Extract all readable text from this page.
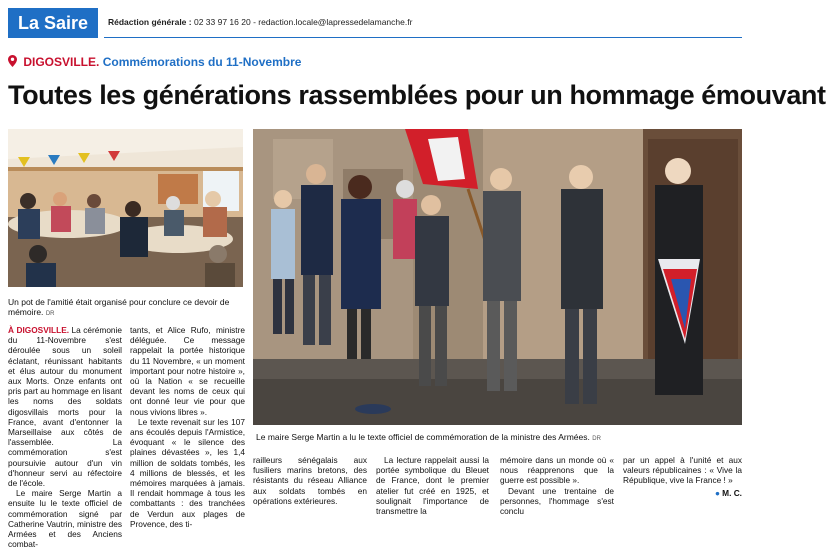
La Saire	Rédaction générale : 02 33 97 16 20 - redaction.locale@lapressedelamanche.fr
DIGOSVILLE. Commémorations du 11-Novembre
Toutes les générations rassemblées pour un hommage émouvant
Un pot de l'amitié était organisé pour conclure ce devoir de mémoire. DR
Le maire Serge Martin a lu le texte officiel de commémoration de la ministre des Armées. DR

À DIGOSVILLE. La cérémonie du 11-Novembre s'est déroulée sous un soleil éclatant, réunissant habitants et élus autour du monument aux Morts. Onze enfants ont pris part au hommage en lisant les noms des soldats digosvillais morts pour la France, avant d'entonner la Marseillaise aux côtés de l'assemblée. La commémoration s'est poursuivie autour d'un vin d'honneur servi au réfectoire de l'école.

Le maire Serge Martin a ensuite lu le texte officiel de commémoration signé par Catherine Vautrin, ministre des Armées et des Anciens combat-

tants, et Alice Rufo, ministre déléguée. Ce message rappelait la portée historique du 11 Novembre, « un moment important pour notre histoire », où la Nation « se recueille devant les noms de ceux qui ont donné leur vie pour que nous vivions libres ».

Le texte revenait sur les 107 ans écoulés depuis l'Armistice, évoquant « le silence des plaines dévastées », les 1,4 million de soldats tombés, les 4 millions de blessés, et les mémoires marquées à jamais. Il rendait hommage à tous les combattants : des tranchées de Verdun aux plages de Provence, des ti-

railleurs sénégalais aux fusiliers marins bretons, des résistants du réseau Alliance aux soldats tombés en opérations extérieures.

La lecture rappelait aussi la portée symbolique du Bleuet de France, dont le premier atelier fut créé en 1925, et soulignait l'importance de transmettre la

mémoire dans un monde où « nous réapprenons que la guerre est possible ».

Devant une trentaine de personnes, l'hommage s'est conclu

par un appel à l'unité et aux valeurs républicaines : « Vive la République, vive la France ! »

● M. C.
